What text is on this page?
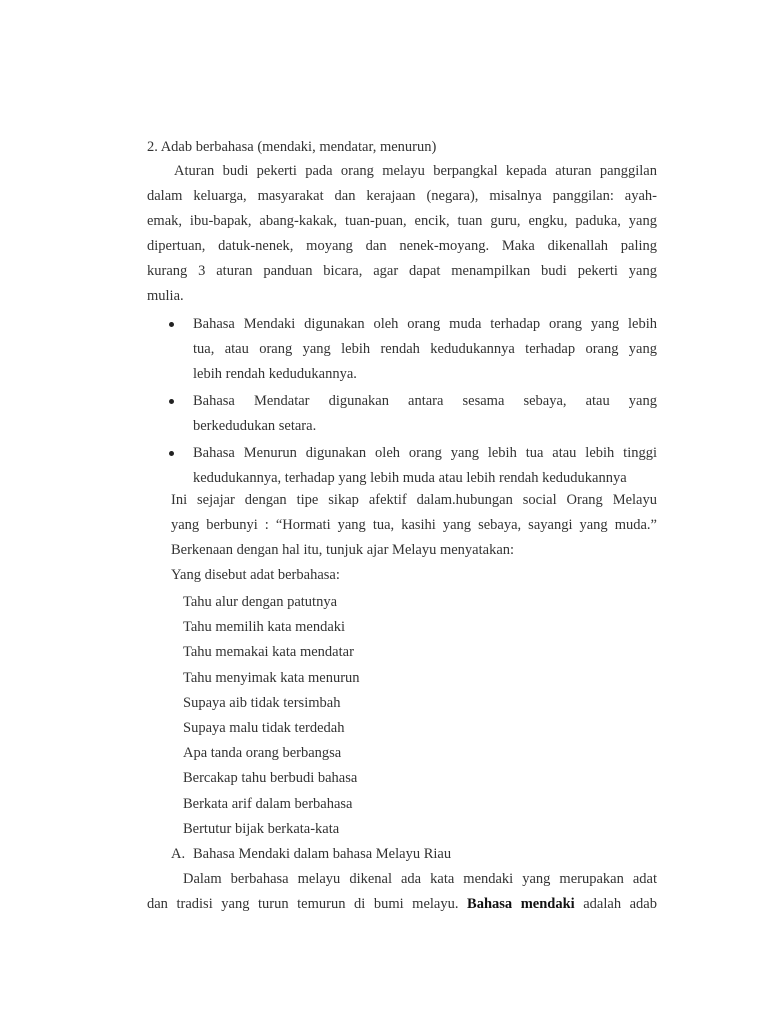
2. Adab berbahasa (mendaki, mendatar, menurun)
Aturan budi pekerti pada orang melayu berpangkal kepada aturan panggilan
dalam keluarga, masyarakat dan kerajaan (negara), misalnya panggilan: ayah-
emak, ibu-bapak, abang-kakak, tuan-puan, encik, tuan guru, engku, paduka, yang
dipertuan, datuk-nenek, moyang dan nenek-moyang. Maka dikenallah paling
kurang 3 aturan panduan bicara, agar dapat menampilkan budi pekerti yang
mulia.
Bahasa Mendaki digunakan oleh orang muda terhadap orang yang lebih
tua, atau orang yang lebih rendah kedudukannya terhadap orang yang
lebih rendah kedudukannya.
Bahasa Mendatar digunakan antara sesama sebaya, atau yang
berkedudukan setara.
Bahasa Menurun digunakan oleh orang yang lebih tua atau lebih tinggi
kedudukannya, terhadap yang lebih muda atau lebih rendah kedudukannya
Ini sejajar dengan tipe sikap afektif dalam.hubungan social Orang Melayu
yang berbunyi : “Hormati yang tua, kasihi yang sebaya, sayangi yang muda.”
Berkenaan dengan hal itu, tunjuk ajar Melayu menyatakan:
Yang disebut adat berbahasa:
Tahu alur dengan patutnya
Tahu memilih kata mendaki
Tahu memakai kata mendatar
Tahu menyimak kata menurun
Supaya aib tidak tersimbah
Supaya malu tidak terdedah
Apa tanda orang berbangsa
Bercakap tahu berbudi bahasa
Berkata arif dalam berbahasa
Bertutur bijak berkata-kata
A. Bahasa Mendaki dalam bahasa Melayu Riau
Dalam berbahasa melayu dikenal ada kata mendaki yang merupakan adat
dan tradisi yang turun temurun di bumi melayu. Bahasa mendaki adalah adab
